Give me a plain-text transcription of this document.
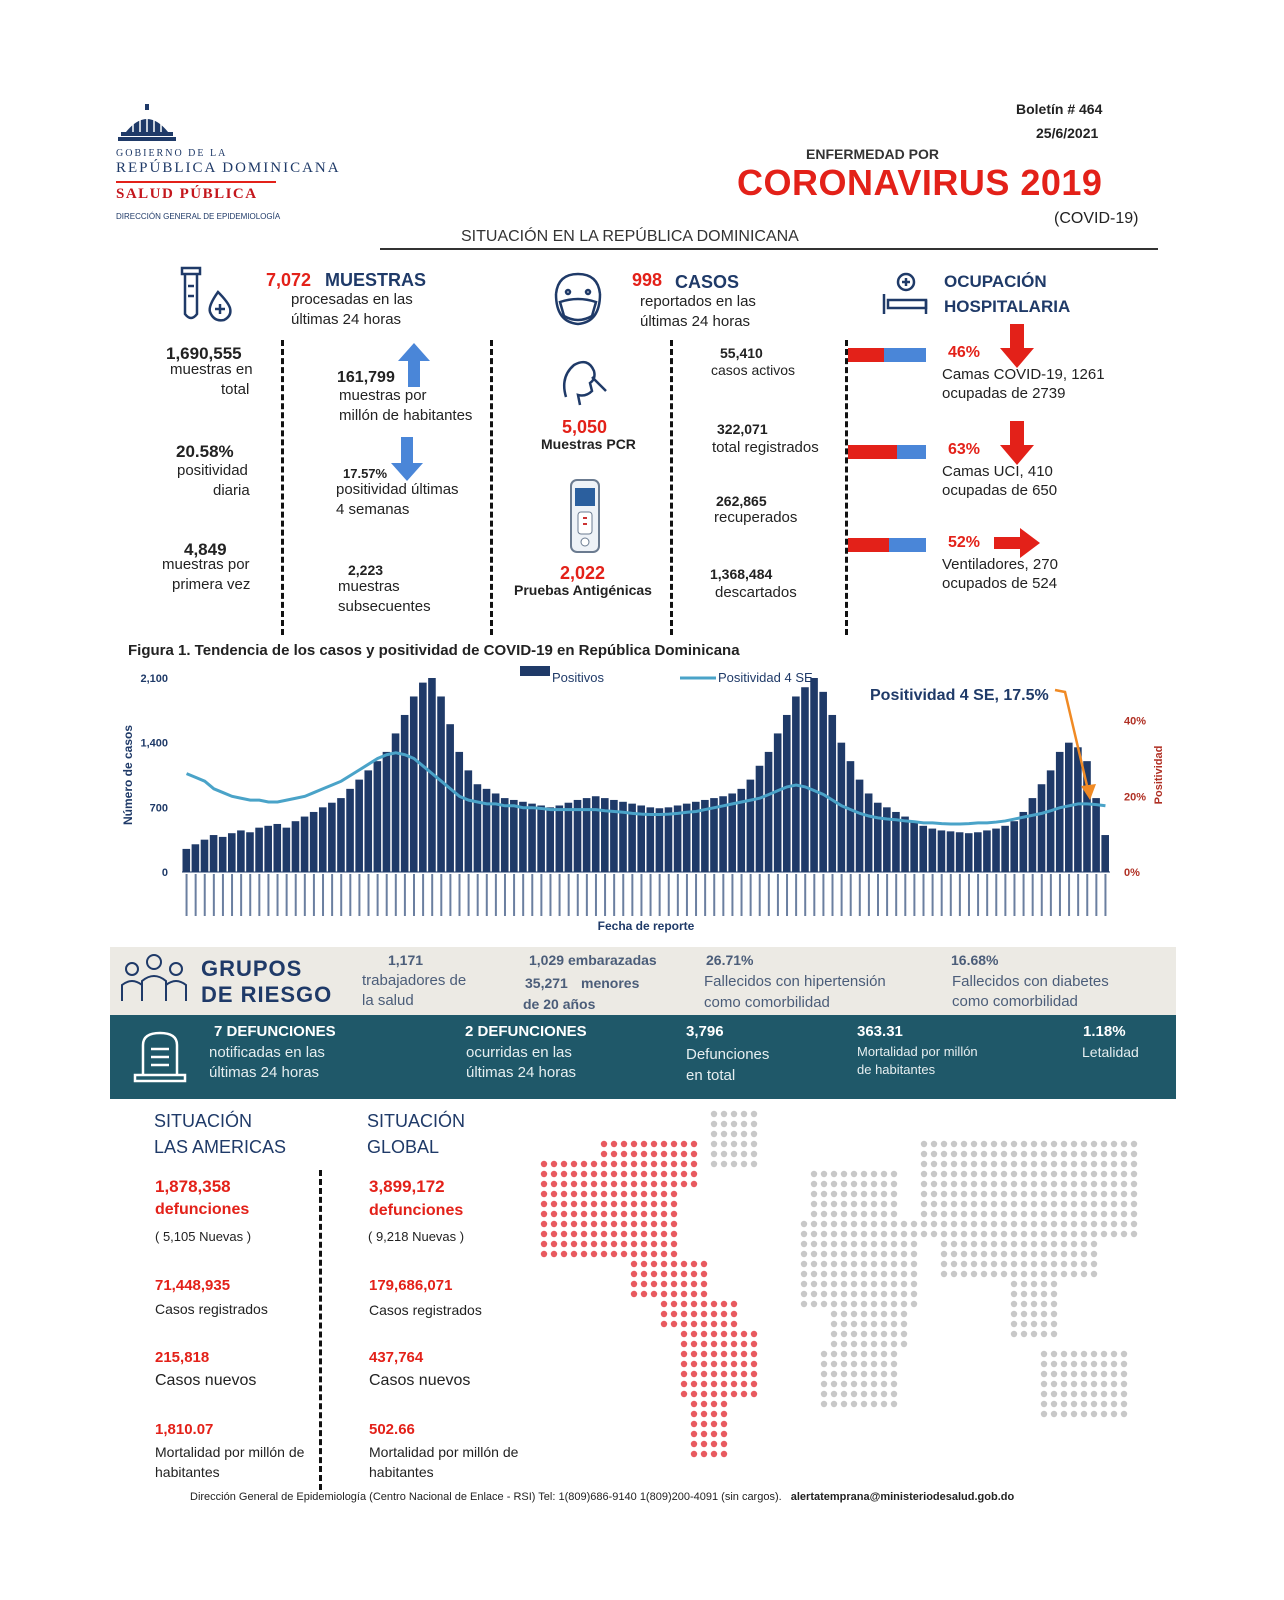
GOBIERNO DE LA
REPÚBLICA DOMINICANA
SALUD PÚBLICA
DIRECCIÓN GENERAL DE EPIDEMIOLOGÍA
Boletín # 464
25/6/2021
ENFERMEDAD POR
CORONAVIRUS 2019
(COVID-19)
SITUACIÓN EN LA REPÚBLICA DOMINICANA
7,072 MUESTRAS
procesadas en las
últimas 24 horas
1,690,555
muestras en
total
20.58%
positividad
diaria
4,849
muestras por
primera vez
161,799
muestras por
millón de habitantes
17.57%
positividad últimas
4 semanas
2,223
muestras
subsecuentes
998 CASOS
reportados en las
últimas 24 horas
5,050
Muestras PCR
2,022
Pruebas Antigénicas
55,410
casos activos
322,071
total registrados
262,865
recuperados
1,368,484
descartados
OCUPACIÓN
HOSPITALARIA
46%
Camas COVID-19, 1261
ocupadas de 2739
63%
Camas UCI, 410
ocupadas de 650
52%
Ventiladores, 270
ocupados de 524
Figura 1. Tendencia de los casos y positividad de COVID-19 en República Dominicana
0
700
1,400
2,100
0%
20%
40%
Número de casos	Positividad
Fecha de reporte
Positivos	Positividad 4 SE
Positividad 4 SE, 17.5%
GRUPOS
DE RIESGO
1,171
trabajadores de
la salud
1,029 embarazadas
35,271 menores
de 20 años
26.71%
Fallecidos con hipertensión
como comorbilidad
16.68%
Fallecidos con diabetes
como comorbilidad
7 DEFUNCIONES
notificadas en las
últimas 24 horas
2 DEFUNCIONES
ocurridas en las
últimas 24 horas
3,796
Defunciones
en total
363.31
Mortalidad por millón
de habitantes
1.18%
Letalidad
SITUACIÓN
LAS AMERICAS
1,878,358
defunciones
( 5,105 Nuevas )
71,448,935
Casos registrados
215,818
Casos nuevos
1,810.07
Mortalidad por millón de
habitantes
SITUACIÓN
GLOBAL
3,899,172
defunciones
( 9,218 Nuevas )
179,686,071
Casos registrados
437,764
Casos nuevos
502.66
Mortalidad por millón de
habitantes
Dirección General de Epidemiología (Centro Nacional de Enlace - RSI) Tel: 1(809)686-9140 1(809)200-4091 (sin cargos). alertatemprana@ministeriodesalud.gob.do
